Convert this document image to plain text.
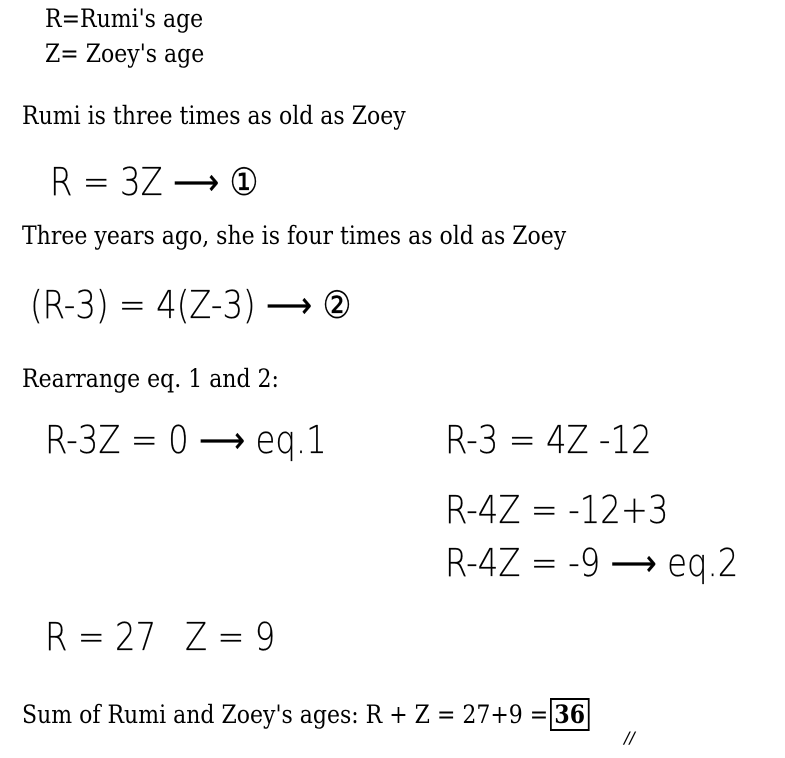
R=Rumi's age
Z= Zoey's age
Rumi is three times as old as Zoey
R = 3Z ⟶ ①
Three years ago, she is four times as old as Zoey
(R-3) = 4(Z-3) ⟶ ②
Rearrange eq. 1 and 2:
R-3Z = 0 ⟶ eq.1	R-3 = 4Z -12
R-4Z = -12+3
R-4Z = -9 ⟶ eq.2
R = 27 Z = 9
Sum of Rumi and Zoey's ages: R + Z = 27+9 = 36
//
